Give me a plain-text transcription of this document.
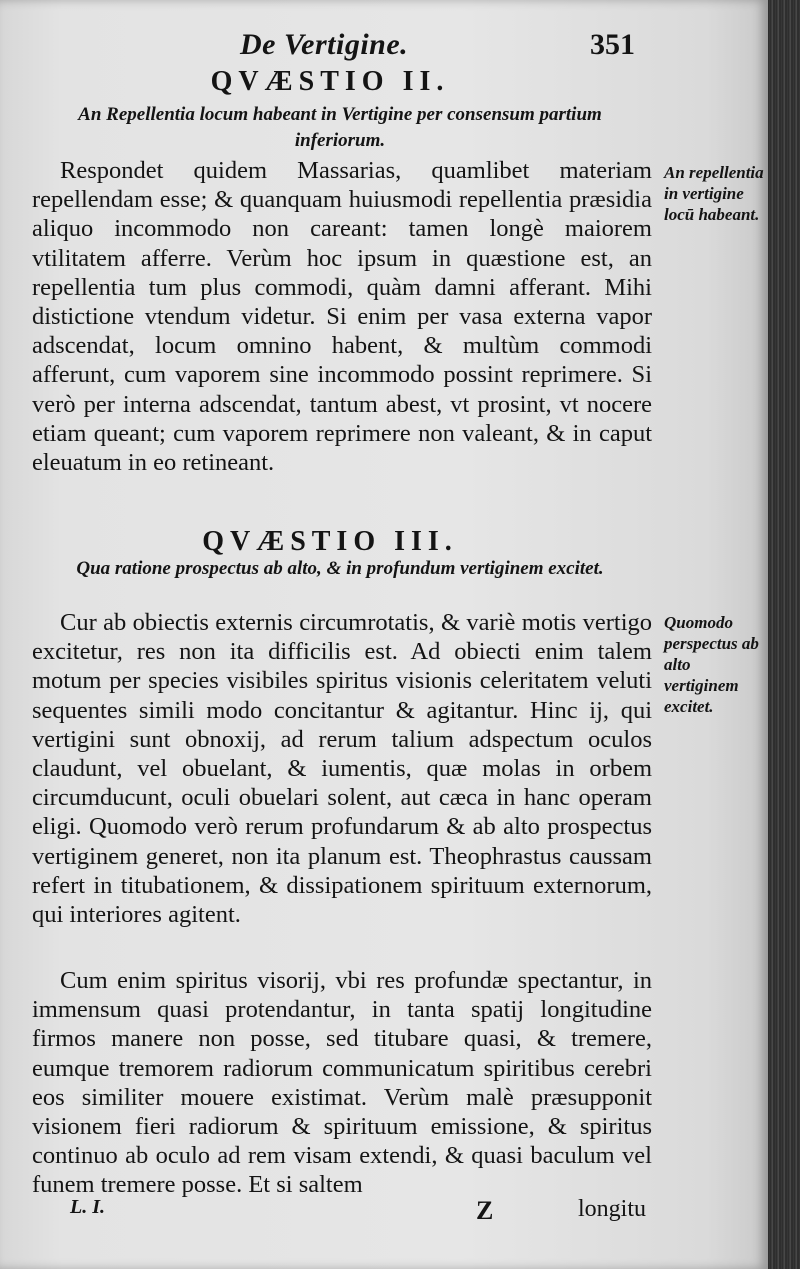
De Vertigine.	351
QVÆSTIO II.
An Repellentia locum habeant in Vertigine per consensum partium inferiorum.

Respondet quidem Massarias, quamlibet materiam repellendam esse; & quanquam huiusmodi repellentia præsidia aliquo incommodo non careant: tamen longè maiorem vtilitatem afferre. Verùm hoc ipsum in quæstione est, an repellentia tum plus commodi, quàm damni afferant. Mihi distictione vtendum videtur. Si enim per vasa externa vapor adscendat, locum omnino habent, & multùm commodi afferunt, cum vaporem sine incommodo possint reprimere. Si verò per interna adscendat, tantum abest, vt prosint, vt nocere etiam queant; cum vaporem reprimere non valeant, & in caput eleuatum in eo retineant.

An repellentia in vertigine locū habeant.
QVÆSTIO III.
Qua ratione prospectus ab alto, & in profundum vertiginem excitet.

Cur ab obiectis externis circumrotatis, & variè motis vertigo excitetur, res non ita difficilis est. Ad obiecti enim talem motum per species visibiles spiritus visionis celeritatem veluti sequentes simili modo concitantur & agitantur. Hinc ij, qui vertigini sunt obnoxij, ad rerum talium adspectum oculos claudunt, vel obuelant, & iumentis, quæ molas in orbem circumducunt, oculi obuelari solent, aut cæca in hanc operam eligi. Quomodo verò rerum profundarum & ab alto prospectus vertiginem generet, non ita planum est. Theophrastus caussam refert in titubationem, & dissipationem spirituum externorum, qui interiores agitent.

Quomodo perspectus ab alto vertiginem excitet.

Cum enim spiritus visorij, vbi res profundæ spectantur, in immensum quasi protendantur, in tanta spatij longitudine firmos manere non posse, sed titubare quasi, & tremere, eumque tremorem radiorum communicatum spiritibus cerebri eos similiter mouere existimat. Verùm malè præsupponit visionem fieri radiorum & spirituum emissione, & spiritus continuo ab oculo ad rem visam extendi, & quasi baculum vel funem tremere posse. Et si saltem

L. I.	Z	longitu
